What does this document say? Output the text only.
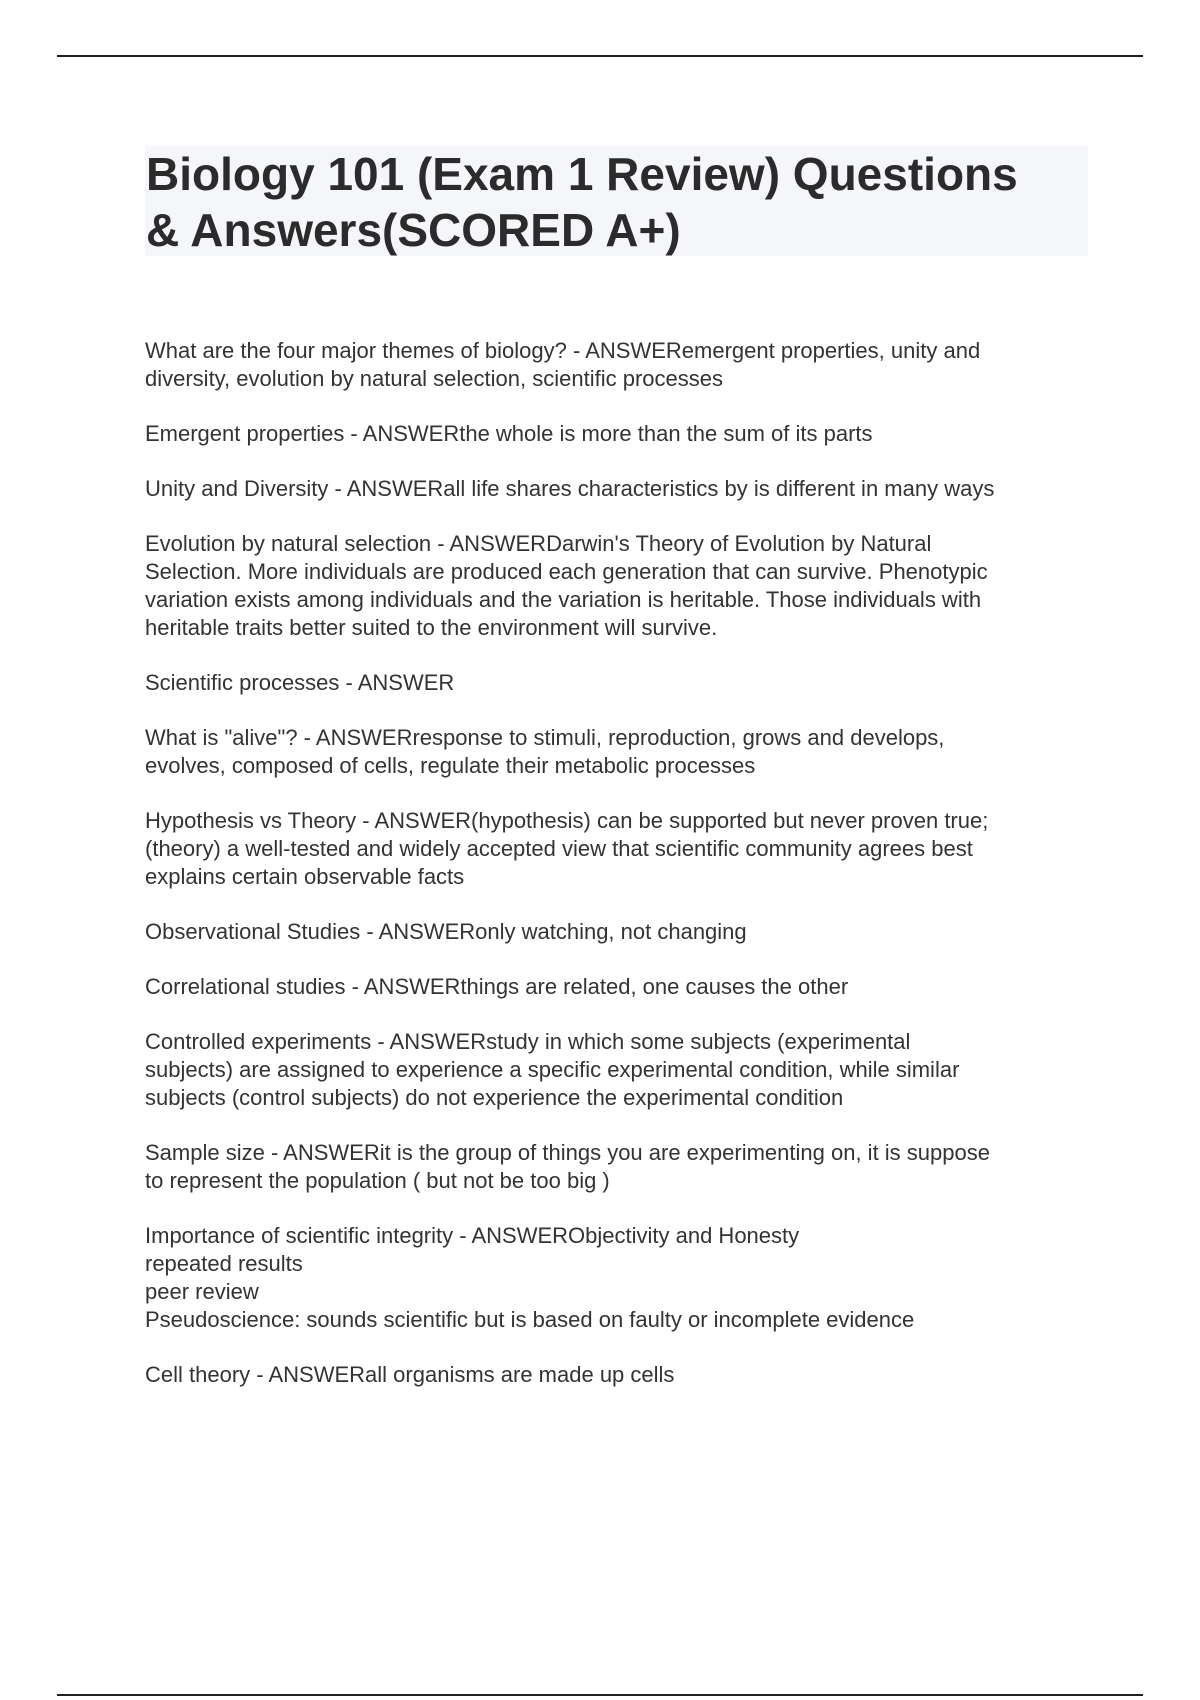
Biology 101 (Exam 1 Review) Questions
& Answers(SCORED A+)

What are the four major themes of biology? - ANSWERemergent properties, unity and
diversity, evolution by natural selection, scientific processes

Emergent properties - ANSWERthe whole is more than the sum of its parts

Unity and Diversity - ANSWERall life shares characteristics by is different in many ways

Evolution by natural selection - ANSWERDarwin's Theory of Evolution by Natural
Selection. More individuals are produced each generation that can survive. Phenotypic
variation exists among individuals and the variation is heritable. Those individuals with
heritable traits better suited to the environment will survive.

Scientific processes - ANSWER

What is "alive"? - ANSWERresponse to stimuli, reproduction, grows and develops,
evolves, composed of cells, regulate their metabolic processes

Hypothesis vs Theory - ANSWER(hypothesis) can be supported but never proven true;
(theory) a well-tested and widely accepted view that scientific community agrees best
explains certain observable facts

Observational Studies - ANSWERonly watching, not changing

Correlational studies - ANSWERthings are related, one causes the other

Controlled experiments - ANSWERstudy in which some subjects (experimental
subjects) are assigned to experience a specific experimental condition, while similar
subjects (control subjects) do not experience the experimental condition

Sample size - ANSWERit is the group of things you are experimenting on, it is suppose
to represent the population ( but not be too big )

Importance of scientific integrity - ANSWERObjectivity and Honesty
repeated results
peer review
Pseudoscience: sounds scientific but is based on faulty or incomplete evidence

Cell theory - ANSWERall organisms are made up cells
